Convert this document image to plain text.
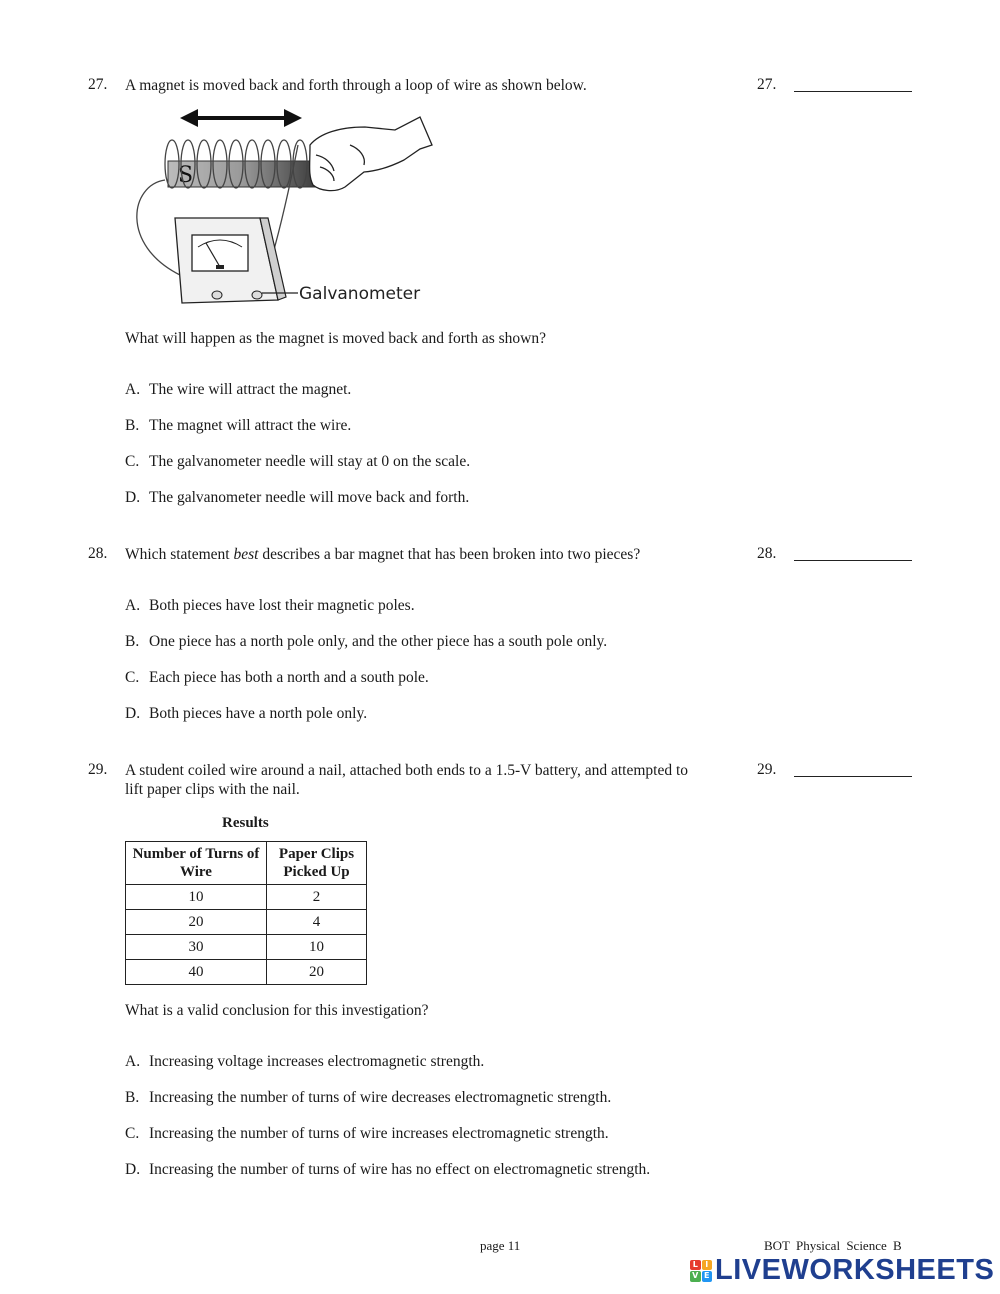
27. A magnet is moved back and forth through a loop of wire as shown below.	27.
S
Galvanometer
What will happen as the magnet is moved back and forth as shown?
A. The wire will attract the magnet.
B. The magnet will attract the wire.
C. The galvanometer needle will stay at 0 on the scale.
D. The galvanometer needle will move back and forth.
28. Which statement best describes a bar magnet that has been broken into two pieces?	28.
A. Both pieces have lost their magnetic poles.
B. One piece has a north pole only, and the other piece has a south pole only.
C. Each piece has both a north and a south pole.
D. Both pieces have a north pole only.
29. A student coiled wire around a nail, attached both ends to a 1.5-V battery, and attempted to lift paper clips with the nail.
29.
Results
Number of Turns of Wire	Paper Clips Picked Up
10	2
20	4
30	10
40	20
What is a valid conclusion for this investigation?
A. Increasing voltage increases electromagnetic strength.
B. Increasing the number of turns of wire decreases electromagnetic strength.
C. Increasing the number of turns of wire increases electromagnetic strength.
D. Increasing the number of turns of wire has no effect on electromagnetic strength.
page 11	BOT Physical Science B
L I
V E LIVEWORKSHEETS
